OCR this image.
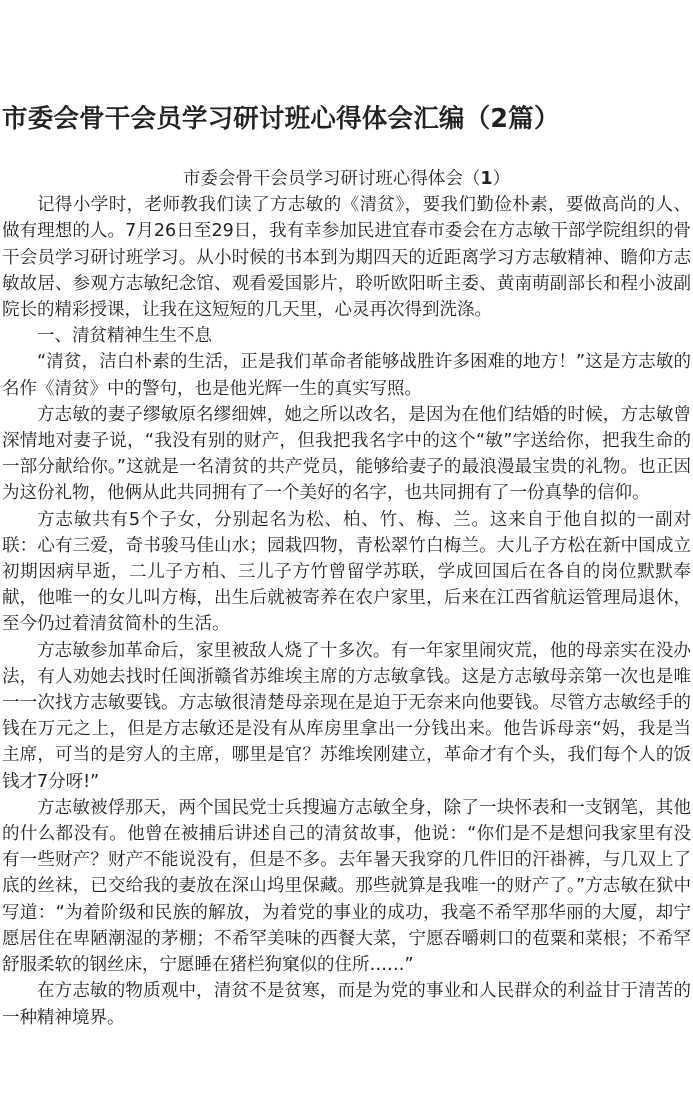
市委会骨干会员学习研讨班心得体会汇编（2篇）

市委会骨干会员学习研讨班心得体会（1）

记得小学时，老师教我们读了方志敏的《清贫》，要我们勤俭朴素，要做高尚的人、做有理想的人。7月26日至29日，我有幸参加民进宜春市委会在方志敏干部学院组织的骨干会员学习研讨班学习。从小时候的书本到为期四天的近距离学习方志敏精神、瞻仰方志敏故居、参观方志敏纪念馆、观看爱国影片，聆听欧阳昕主委、黄南萌副部长和程小波副院长的精彩授课，让我在这短短的几天里，心灵再次得到洗涤。

一、清贫精神生生不息

“清贫，洁白朴素的生活，正是我们革命者能够战胜许多困难的地方！”这是方志敏的名作《清贫》中的警句，也是他光辉一生的真实写照。

方志敏的妻子缪敏原名缪细婢，她之所以改名，是因为在他们结婚的时候，方志敏曾深情地对妻子说，“我没有别的财产，但我把我名字中的这个“敏”字送给你，把我生命的一部分献给你。”这就是一名清贫的共产党员，能够给妻子的最浪漫最宝贵的礼物。也正因为这份礼物，他俩从此共同拥有了一个美好的名字，也共同拥有了一份真挚的信仰。

方志敏共有5个子女，分别起名为松、柏、竹、梅、兰。这来自于他自拟的一副对联：心有三爱，奇书骏马佳山水；园栽四物，青松翠竹白梅兰。大儿子方松在新中国成立初期因病早逝，二儿子方柏、三儿子方竹曾留学苏联，学成回国后在各自的岗位默默奉献，他唯一的女儿叫方梅，出生后就被寄养在农户家里，后来在江西省航运管理局退休，至今仍过着清贫简朴的生活。

方志敏参加革命后，家里被敌人烧了十多次。有一年家里闹灾荒，他的母亲实在没办法，有人劝她去找时任闽浙赣省苏维埃主席的方志敏拿钱。这是方志敏母亲第一次也是唯一一次找方志敏要钱。方志敏很清楚母亲现在是迫于无奈来向他要钱。尽管方志敏经手的钱在万元之上，但是方志敏还是没有从库房里拿出一分钱出来。他告诉母亲“妈，我是当主席，可当的是穷人的主席，哪里是官？苏维埃刚建立，革命才有个头，我们每个人的饭钱才7分呀!”

方志敏被俘那天，两个国民党士兵搜遍方志敏全身，除了一块怀表和一支钢笔，其他的什么都没有。他曾在被捕后讲述自己的清贫故事，他说：“你们是不是想问我家里有没有一些财产？财产不能说没有，但是不多。去年暑天我穿的几件旧的汗褂裤，与几双上了底的丝袜，已交给我的妻放在深山坞里保藏。那些就算是我唯一的财产了。”方志敏在狱中写道：“为着阶级和民族的解放，为着党的事业的成功，我毫不希罕那华丽的大厦，却宁愿居住在卑陋潮湿的茅棚；不希罕美味的西餐大菜，宁愿吞嚼刺口的苞粟和菜根；不希罕舒服柔软的钢丝床，宁愿睡在猪栏狗窠似的住所……”

在方志敏的物质观中，清贫不是贫寒，而是为党的事业和人民群众的利益甘于清苦的一种精神境界。
